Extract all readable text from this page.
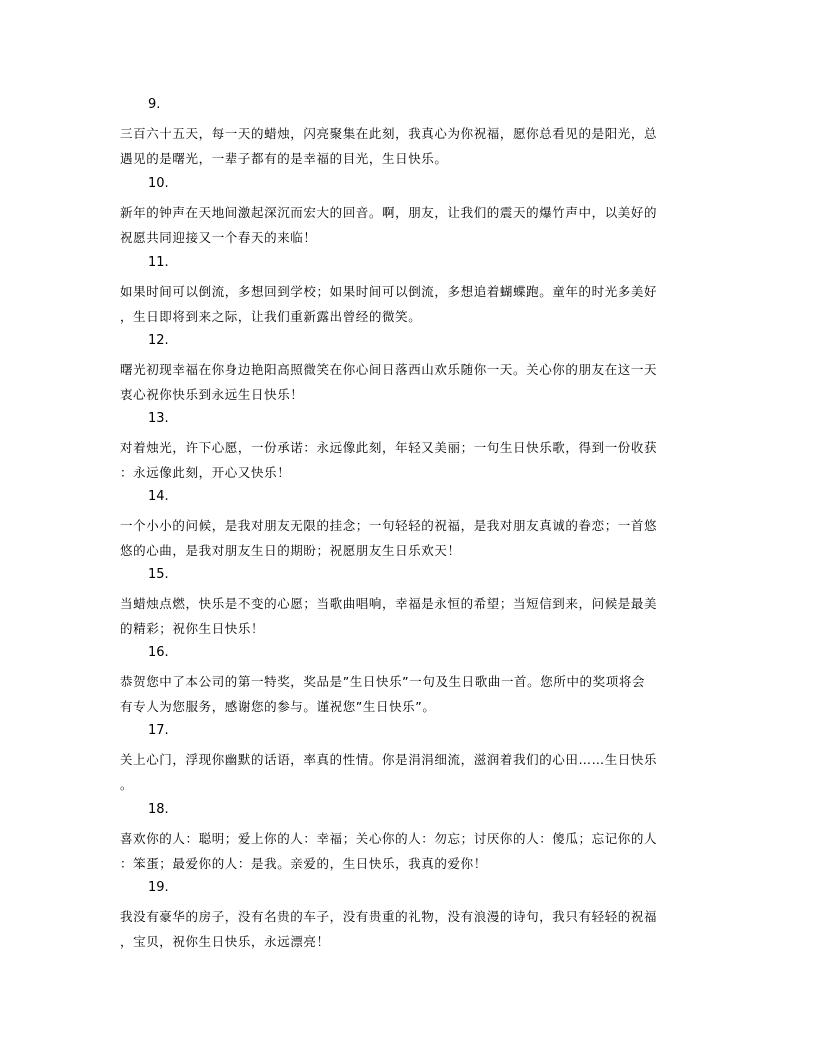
9.
三百六十五天，每一天的蜡烛，闪亮聚集在此刻，我真心为你祝福，愿你总看见的是阳光，总
遇见的是曙光，一辈子都有的是幸福的目光，生日快乐。
10.
新年的钟声在天地间激起深沉而宏大的回音。啊，朋友，让我们的震天的爆竹声中，以美好的
祝愿共同迎接又一个春天的来临！
11.
如果时间可以倒流，多想回到学校；如果时间可以倒流，多想追着蝴蝶跑。童年的时光多美好
，生日即将到来之际，让我们重新露出曾经的微笑。
12.
曙光初现幸福在你身边艳阳高照微笑在你心间日落西山欢乐随你一天。关心你的朋友在这一天
衷心祝你快乐到永远生日快乐！
13.
对着烛光，许下心愿，一份承诺：永远像此刻，年轻又美丽；一句生日快乐歌，得到一份收获
：永远像此刻，开心又快乐！
14.
一个小小的问候，是我对朋友无限的挂念；一句轻轻的祝福，是我对朋友真诚的眷恋；一首悠
悠的心曲，是我对朋友生日的期盼；祝愿朋友生日乐欢天！
15.
当蜡烛点燃，快乐是不变的心愿；当歌曲唱响，幸福是永恒的希望；当短信到来，问候是最美
的精彩；祝你生日快乐！
16.
恭贺您中了本公司的第一特奖，奖品是”生日快乐”一句及生日歌曲一首。您所中的奖项将会
有专人为您服务，感谢您的参与。谨祝您”生日快乐”。
17.
关上心门，浮现你幽默的话语，率真的性情。你是涓涓细流，滋润着我们的心田……生日快乐
。
18.
喜欢你的人：聪明；爱上你的人：幸福；关心你的人：勿忘；讨厌你的人：傻瓜；忘记你的人
：笨蛋；最爱你的人：是我。亲爱的，生日快乐，我真的爱你！
19.
我没有豪华的房子，没有名贵的车子，没有贵重的礼物，没有浪漫的诗句，我只有轻轻的祝福
，宝贝，祝你生日快乐，永远漂亮！
